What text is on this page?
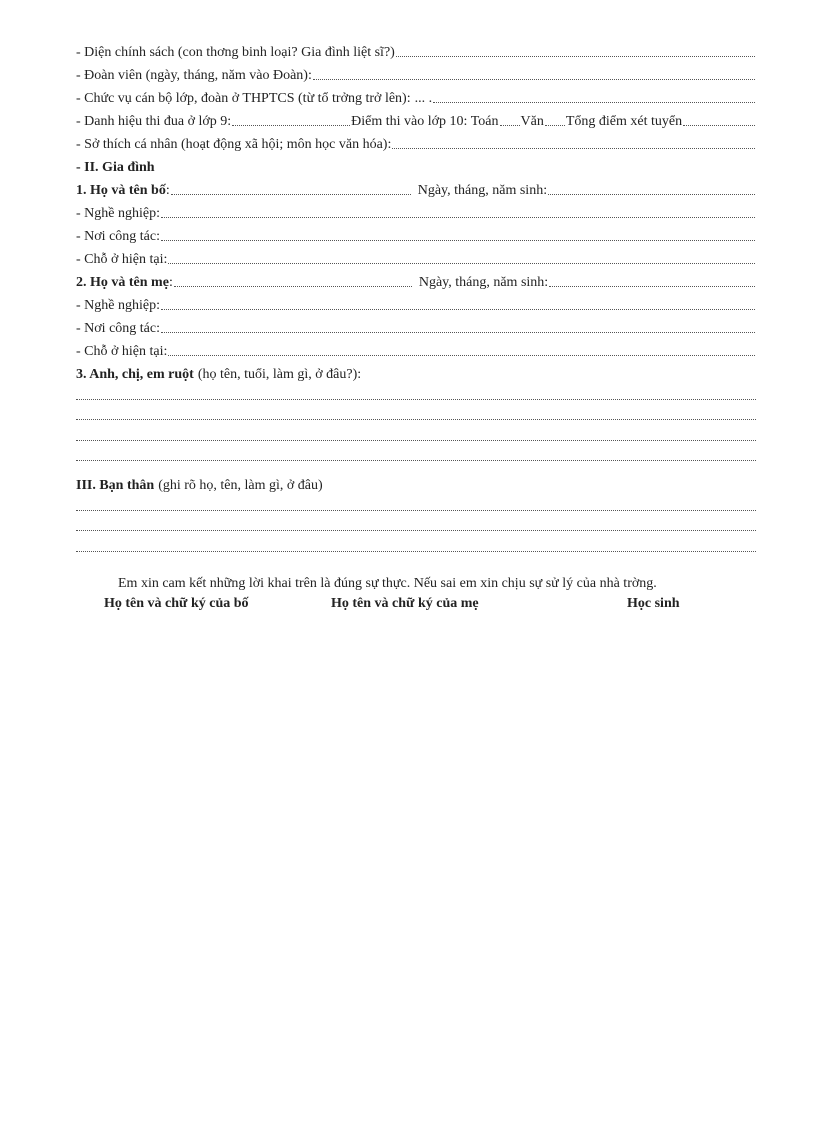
- Diện chính sách (con thơng binh loại? Gia đình liệt sĩ?)
- Đoàn viên (ngày, tháng, năm vào Đoàn):
- Chức vụ cán bộ lớp, đoàn ở THPTCS (từ tổ trởng trở lên): ... .
- Danh hiệu thi đua ở lớp 9:	Điểm thi vào lớp 10: Toán Văn Tổng điểm xét tuyển
- Sở thích cá nhân (hoạt động xã hội; môn học văn hóa):
- II. Gia đình
1. Họ và tên bố :	Ngày, tháng, năm sinh:
- Nghề nghiệp:
- Nơi công tác:
- Chỗ ở hiện tại:
2. Họ và tên mẹ :	Ngày, tháng, năm sinh:
- Nghề nghiệp:
- Nơi công tác:
- Chỗ ở hiện tại:
3. Anh, chị, em ruột (họ tên, tuổi, làm gì, ở đâu?):
III. Bạn thân (ghi rõ họ, tên, làm gì, ở đâu)
Em xin cam kết những lời khai trên là đúng sự thực. Nếu sai em xin chịu sự sử lý của nhà trờng.
Họ tên và chữ ký của bố	Họ tên và chữ ký của mẹ	Học sinh
